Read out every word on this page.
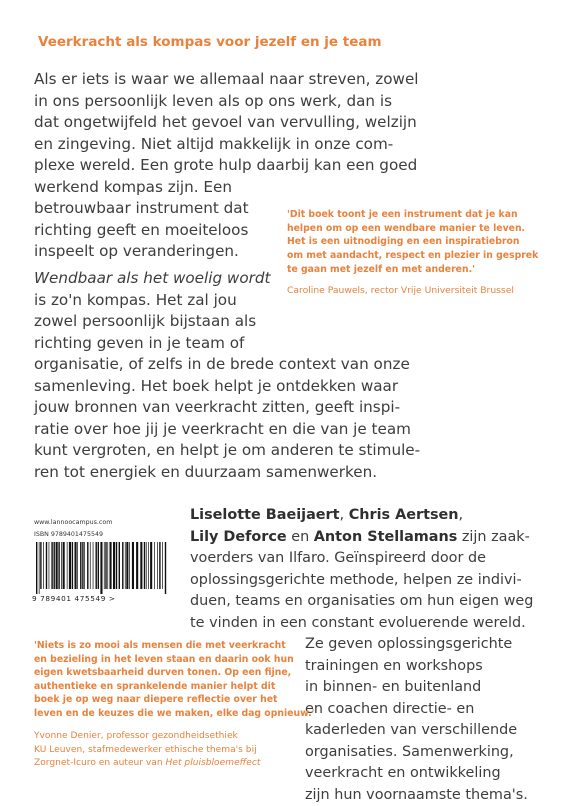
Veerkracht als kompas voor jezelf en je team
Als er iets is waar we allemaal naar streven, zowel
in ons persoonlijk leven als op ons werk, dan is
dat ongetwijfeld het gevoel van vervulling, welzijn
en zingeving. Niet altijd makkelijk in onze com-
plexe wereld. Een grote hulp daarbij kan een goed
werkend kompas zijn. Een
betrouwbaar instrument dat
richting geeft en moeiteloos
inspeelt op veranderingen.
Wendbaar als het woelig wordt
is zo'n kompas. Het zal jou
zowel persoonlijk bijstaan als
richting geven in je team of
organisatie, of zelfs in de brede context van onze
samenleving. Het boek helpt je ontdekken waar
jouw bronnen van veerkracht zitten, geeft inspi-
ratie over hoe jij je veerkracht en die van je team
kunt vergroten, en helpt je om anderen te stimule-
ren tot energiek en duurzaam samenwerken.
'Dit boek toont je een instrument dat je kan
helpen om op een wendbare manier te leven.
Het is een uitnodiging en een inspiratiebron
om met aandacht, respect en plezier in gesprek
te gaan met jezelf en met anderen.'
Caroline Pauwels, rector Vrije Universiteit Brussel
Liselotte Baeijaert, Chris Aertsen,
Lily Deforce en Anton Stellamans zijn zaak-
voerders van Ilfaro. Geïnspireerd door de
oplossingsgerichte methode, helpen ze indivi-
duen, teams en organisaties om hun eigen weg
te vinden in een constant evoluerende wereld.
Ze geven oplossingsgerichte
trainingen en workshops
in binnen- en buitenland
en coachen directie- en
kaderleden van verschillende
organisaties. Samenwerking,
veerkracht en ontwikkeling
zijn hun voornaamste thema's.
www.lannoocampus.com
ISBN 9789401475549
9 789401 475549 >
'Niets is zo mooi als mensen die met veerkracht
en bezieling in het leven staan en daarin ook hun
eigen kwetsbaarheid durven tonen. Op een fijne,
authentieke en sprankelende manier helpt dit
boek je op weg naar diepere reflectie over het
leven en de keuzes die we maken, elke dag opnieuw.'
Yvonne Denier, professor gezondheidsethiek
KU Leuven, stafmedewerker ethische thema's bij
Zorgnet-Icuro en auteur van Het pluisbloemeffect
